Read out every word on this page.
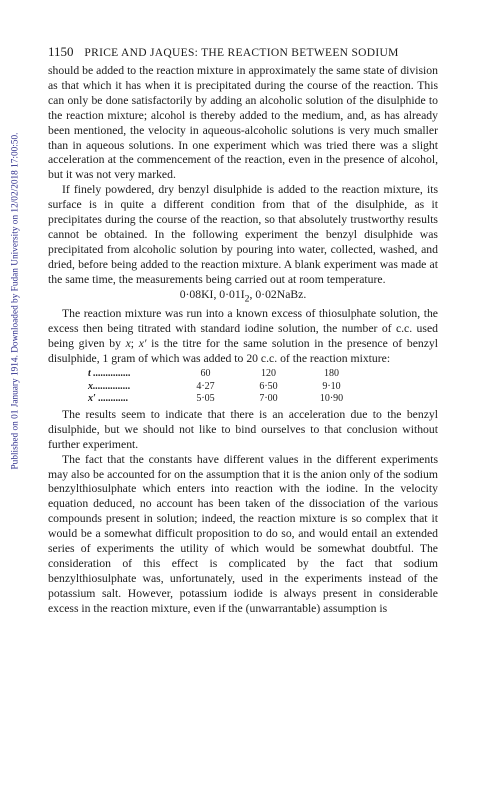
Published on 01 January 1914. Downloaded by Fudan University on 12/02/2018 17:00:50.
1150 PRICE AND JAQUES: THE REACTION BETWEEN SODIUM

should be added to the reaction mixture in approximately the same state of division as that which it has when it is precipitated during the course of the reaction. This can only be done satisfactorily by adding an alcoholic solution of the disulphide to the reaction mixture; alcohol is thereby added to the medium, and, as has already been mentioned, the velocity in aqueous-alcoholic solutions is very much smaller than in aqueous solutions. In one experiment which was tried there was a slight acceleration at the commencement of the reaction, even in the presence of alcohol, but it was not very marked.

If finely powdered, dry benzyl disulphide is added to the reaction mixture, its surface is in quite a different condition from that of the disulphide, as it precipitates during the course of the reaction, so that absolutely trustworthy results cannot be obtained. In the following experiment the benzyl disulphide was precipitated from alcoholic solution by pouring into water, collected, washed, and dried, before being added to the reaction mixture. A blank experiment was made at the same time, the measurements being carried out at room temperature.

0·08KI, $0\cdot 01I_2$, 0·02NaBz.

The reaction mixture was run into a known excess of thiosulphate solution, the excess then being titrated with standard iodine solution, the number of c.c. used being given by x; x′ is the titre for the same solution in the presence of benzyl disulphide, 1 gram of which was added to 20 c.c. of the reaction mixture:

t ...............	60	120	180
x...............	4·27	6·50	9·10
x′ ............	5·05	7·00	10·90

The results seem to indicate that there is an acceleration due to the benzyl disulphide, but we should not like to bind ourselves to that conclusion without further experiment.

The fact that the constants have different values in the different experiments may also be accounted for on the assumption that it is the anion only of the sodium benzylthiosulphate which enters into reaction with the iodine. In the velocity equation deduced, no account has been taken of the dissociation of the various compounds present in solution; indeed, the reaction mixture is so complex that it would be a somewhat difficult proposition to do so, and would entail an extended series of experiments the utility of which would be somewhat doubtful. The consideration of this effect is complicated by the fact that sodium benzylthiosulphate was, unfortunately, used in the experiments instead of the potassium salt. However, potassium iodide is always present in considerable excess in the reaction mixture, even if the (unwarrantable) assumption is
